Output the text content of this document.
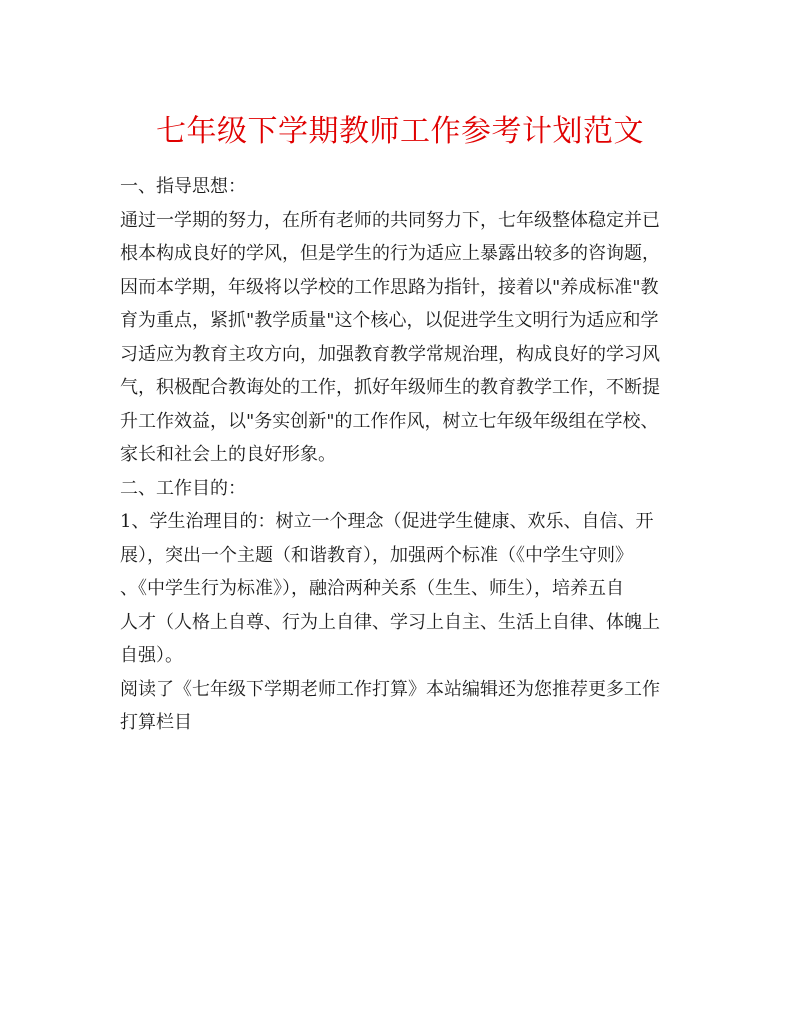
七年级下学期教师工作参考计划范文
一、指导思想：
通过一学期的努力，在所有老师的共同努力下，七年级整体稳定并已
根本构成良好的学风，但是学生的行为适应上暴露出较多的咨询题，
因而本学期，年级将以学校的工作思路为指针，接着以"养成标准"教
育为重点，紧抓"教学质量"这个核心，以促进学生文明行为适应和学
习适应为教育主攻方向，加强教育教学常规治理，构成良好的学习风
气，积极配合教诲处的工作，抓好年级师生的教育教学工作，不断提
升工作效益，以"务实创新"的工作作风，树立七年级年级组在学校、
家长和社会上的良好形象。
二、工作目的：
1、学生治理目的：树立一个理念（促进学生健康、欢乐、自信、开
展），突出一个主题（和谐教育），加强两个标准（《中学生守则》
、《中学生行为标准》），融洽两种关系（生生、师生），培养五自
人才（人格上自尊、行为上自律、学习上自主、生活上自律、体魄上
自强）。
阅读了《七年级下学期老师工作打算》本站编辑还为您推荐更多工作
打算栏目
